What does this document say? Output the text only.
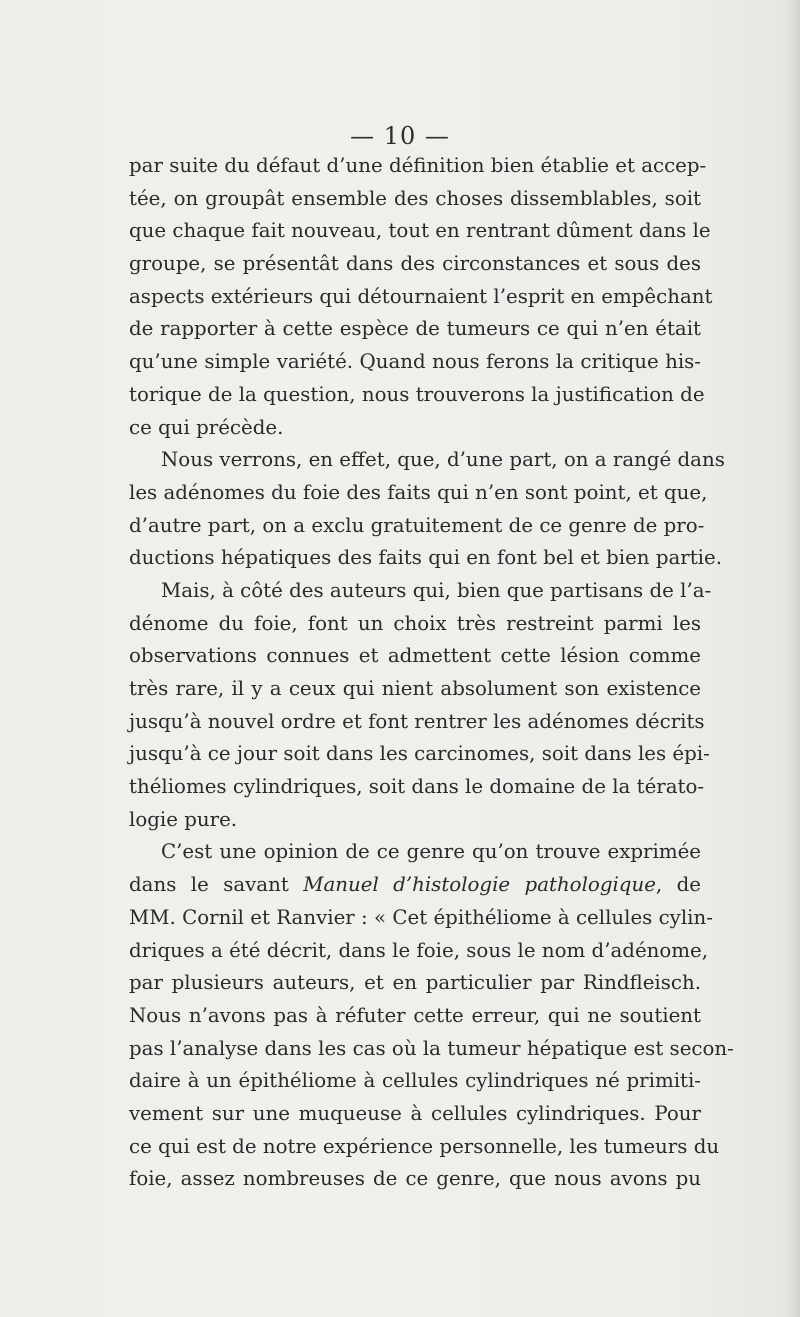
— 10 —
par suite du défaut d’une définition bien établie et accep-
tée, on groupât ensemble des choses dissemblables, soit
que chaque fait nouveau, tout en rentrant dûment dans le
groupe, se présentât dans des circonstances et sous des
aspects extérieurs qui détournaient l’esprit en empêchant
de rapporter à cette espèce de tumeurs ce qui n’en était
qu’une simple variété. Quand nous ferons la critique his-
torique de la question, nous trouverons la justification de
ce qui précède.
Nous verrons, en effet, que, d’une part, on a rangé dans
les adénomes du foie des faits qui n’en sont point, et que,
d’autre part, on a exclu gratuitement de ce genre de pro-
ductions hépatiques des faits qui en font bel et bien partie.
Mais, à côté des auteurs qui, bien que partisans de l’a-
dénome du foie, font un choix très restreint parmi les
observations connues et admettent cette lésion comme
très rare, il y a ceux qui nient absolument son existence
jusqu’à nouvel ordre et font rentrer les adénomes décrits
jusqu’à ce jour soit dans les carcinomes, soit dans les épi-
théliomes cylindriques, soit dans le domaine de la térato-
logie pure.
C’est une opinion de ce genre qu’on trouve exprimée
dans le savant Manuel d’histologie pathologique, de
MM. Cornil et Ranvier : « Cet épithéliome à cellules cylin-
driques a été décrit, dans le foie, sous le nom d’adénome,
par plusieurs auteurs, et en particulier par Rindfleisch.
Nous n’avons pas à réfuter cette erreur, qui ne soutient
pas l’analyse dans les cas où la tumeur hépatique est secon-
daire à un épithéliome à cellules cylindriques né primiti-
vement sur une muqueuse à cellules cylindriques. Pour
ce qui est de notre expérience personnelle, les tumeurs du
foie, assez nombreuses de ce genre, que nous avons pu
